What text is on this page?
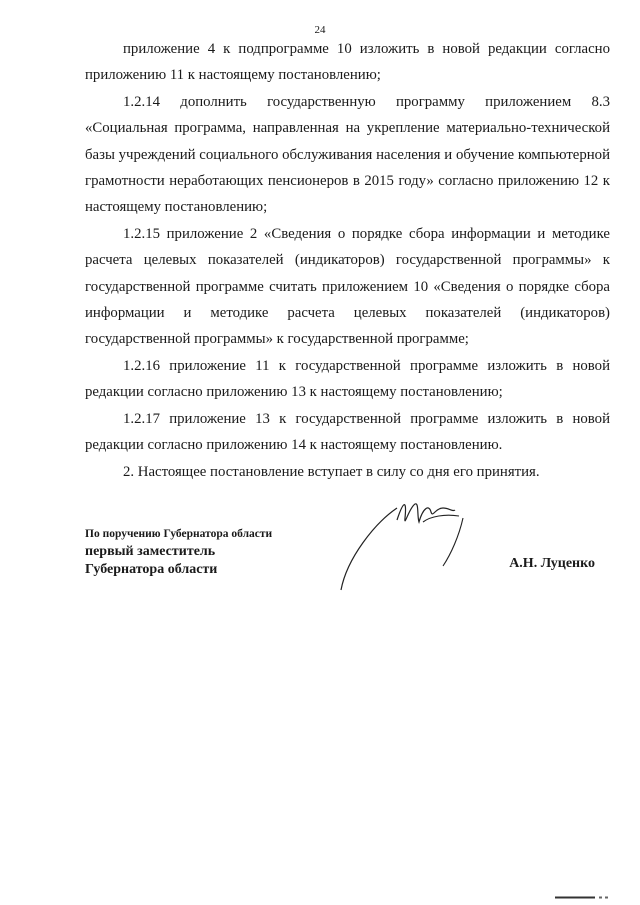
24

приложение 4 к подпрограмме 10 изложить в новой редакции согласно приложению 11 к настоящему постановлению;

1.2.14 дополнить государственную программу приложением 8.3 «Социальная программа, направленная на укрепление материально-технической базы учреждений социального обслуживания населения и обучение компьютерной грамотности неработающих пенсионеров в 2015 году» согласно приложению 12 к настоящему постановлению;

1.2.15 приложение 2 «Сведения о порядке сбора информации и методике расчета целевых показателей (индикаторов) государственной программы» к государственной программе считать приложением 10 «Сведения о порядке сбора информации и методике расчета целевых показателей (индикаторов) государственной программы» к государственной программе;

1.2.16 приложение 11 к государственной программе изложить в новой редакции согласно приложению 13 к настоящему постановлению;

1.2.17 приложение 13 к государственной программе изложить в новой редакции согласно приложению 14 к настоящему постановлению.

2. Настоящее постановление вступает в силу со дня его принятия.

По поручению Губернатора области
первый заместитель
Губернатора области	А.Н. Луценко
